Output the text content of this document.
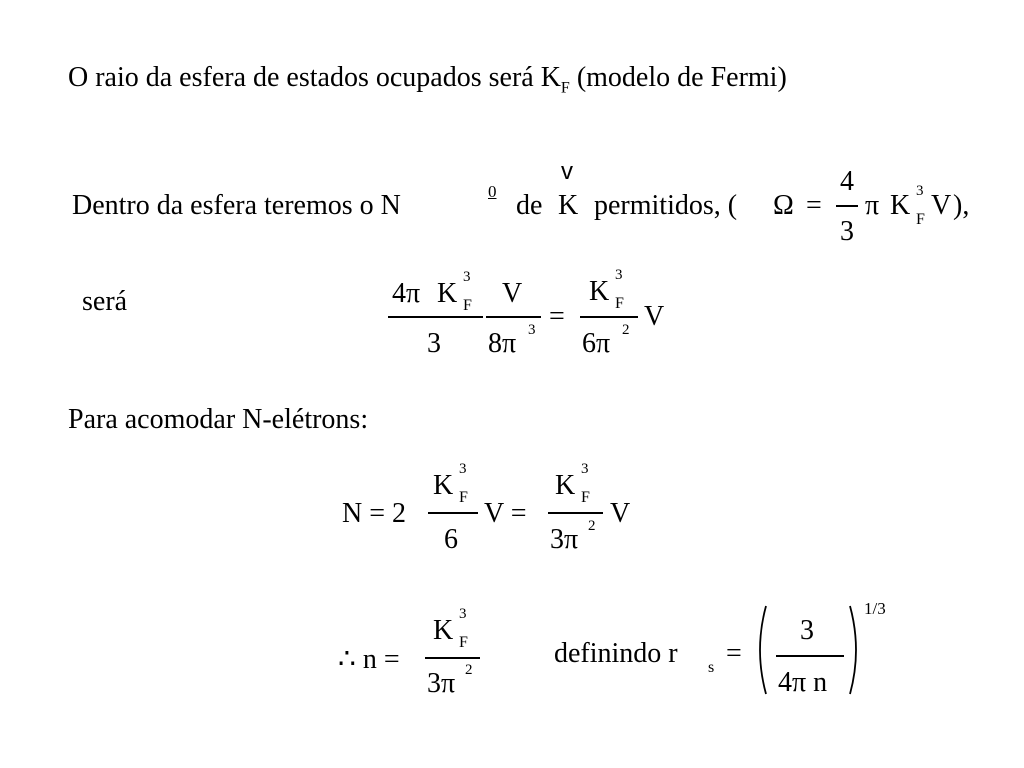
O raio da esfera de estados ocupados será $K_F$ (modelo de Fermi)
Dentro da esfera teremos o N	0 de
v
K permitidos, ( Ω =
4
3
π K 3
F V ),
será	4π K
3
F
3
V
8π 3 =
K
3
F
6π 2 V
Para acomodar N-elétrons:
N = 2
K
3
F
6
V =
K
3
F
3π 2 V
∴ n =
K
3
F
3π 2
definindo r s =
3
4π n
1/3
